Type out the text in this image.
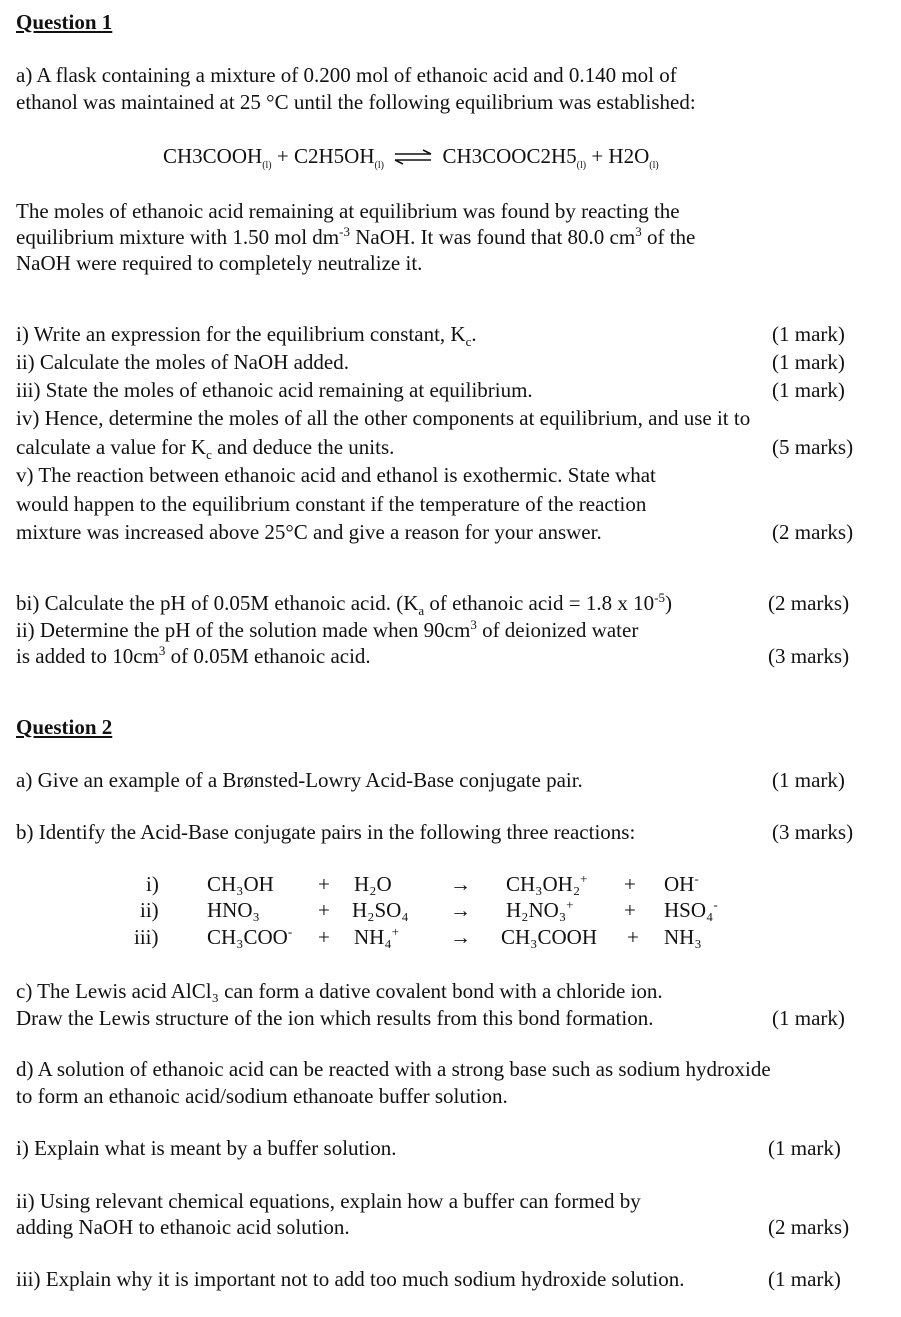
Question 1
a) A flask containing a mixture of 0.200 mol of ethanoic acid and 0.140 mol of
ethanol was maintained at 25 °C until the following equilibrium was established:
$CH3COOH_{(l)} + C2H5OH_{(l)}$ ⇌ $CH3COOC2H5_{(l)} + H2O_{(l)}$
The moles of ethanoic acid remaining at equilibrium was found by reacting the
equilibrium mixture with 1.50 mol $dm^{-3}$ NaOH. It was found that 80.0 $cm^3$ of the
NaOH were required to completely neutralize it.
i) Write an expression for the equilibrium constant, $K_c$.	(1 mark)
ii) Calculate the moles of NaOH added.	(1 mark)
iii) State the moles of ethanoic acid remaining at equilibrium.	(1 mark)
iv) Hence, determine the moles of all the other components at equilibrium, and use it to
calculate a value for $K_c$ and deduce the units.	(5 marks)
v) The reaction between ethanoic acid and ethanol is exothermic. State what
would happen to the equilibrium constant if the temperature of the reaction
mixture was increased above 25°C and give a reason for your answer.	(2 marks)
bi) Calculate the pH of 0.05M ethanoic acid. ($K_a$ of ethanoic acid = 1.8 x $10^{-5}$)	(2 marks)
ii) Determine the pH of the solution made when $90cm^3$ of deionized water
is added to $10cm^3$ of 0.05M ethanoic acid.	(3 marks)
Question 2
a) Give an example of a Brønsted-Lowry Acid-Base conjugate pair.	(1 mark)
b) Identify the Acid-Base conjugate pairs in the following three reactions:	(3 marks)
i) CH₃OH + H₂O	→ CH₃OH₂+ + OH-
ii) HNO₃	+ H₂SO₄ → H₂NO₃+ + HSO₄-
iii) CH₃COO- + NH₄+ → CH₃COOH + NH₃
c) The Lewis acid AlCl₃ can form a dative covalent bond with a chloride ion.
Draw the Lewis structure of the ion which results from this bond formation.	(1 mark)
d) A solution of ethanoic acid can be reacted with a strong base such as sodium hydroxide
to form an ethanoic acid/sodium ethanoate buffer solution.
i) Explain what is meant by a buffer solution.	(1 mark)
ii) Using relevant chemical equations, explain how a buffer can formed by
adding NaOH to ethanoic acid solution.	(2 marks)
iii) Explain why it is important not to add too much sodium hydroxide solution.	(1 mark)
